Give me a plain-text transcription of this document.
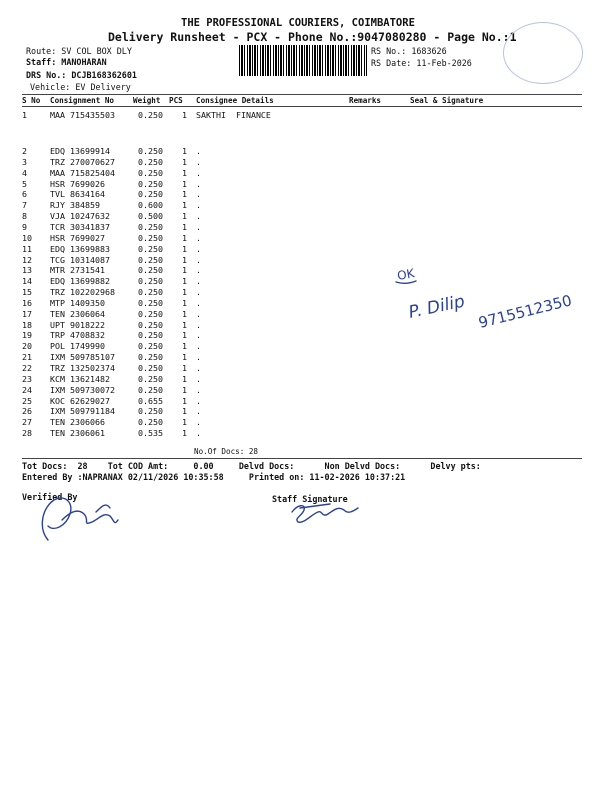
THE PROFESSIONAL COURIERS, COIMBATORE
Delivery Runsheet - PCX - Phone No.:9047080280 - Page No.:1
Route: SV COL BOX DLY
Staff: MANOHARAN
DRS No.: DCJB168362601
Vehicle: EV Delivery
RS No.: 1683626
RS Date: 11-Feb-2026
S No Consignment No Weight PCS Consignee Details	Remarks	Seal & Signature
1	MAA 715435503	0.250 1 SAKTHI  FINANCE
2	EDQ 13699914	0.250 1 .
3	TRZ 270070627	0.250 1 .
4	MAA 715825404	0.250 1 .
5	HSR 7699026	0.250 1 .
6	TVL 8634164	0.250 1 .
7	RJY 384859	0.600 1 .
8	VJA 10247632	0.500 1 .
9	TCR 30341837	0.250 1 .
10 HSR 7699027	0.250 1 .
11 EDQ 13699883	0.250 1 .
12 TCG 10314087	0.250 1 .
13 MTR 2731541	0.250 1 .
14 EDQ 13699882	0.250 1 .
15 TRZ 102202968	0.250 1 .
16 MTP 1409350	0.250 1 .
17 TEN 2306064	0.250 1 .
18 UPT 9018222	0.250 1 .
19 TRP 4708832	0.250 1 .
20 POL 1749990	0.250 1 .
21 IXM 509785107	0.250 1 .
22 TRZ 132502374	0.250 1 .
23 KCM 13621482	0.250 1 .
24 IXM 509730072	0.250 1 .
25 KOC 62629027	0.655 1 .
26 IXM 509791184	0.250 1 .
27 TEN 2306066	0.250 1 .
28 TEN 2306061	0.535 1 .
No.Of Docs: 28
Tot Docs:  28    Tot COD Amt:     0.00     Delvd Docs:      Non Delvd Docs:      Delvy pts:
Entered By :NAPRANAX 02/11/2026 10:35:58     Printed on: 11-02-2026 10:37:21
Verified By	Staff Signature
OK
P. Dilip 9715512350
